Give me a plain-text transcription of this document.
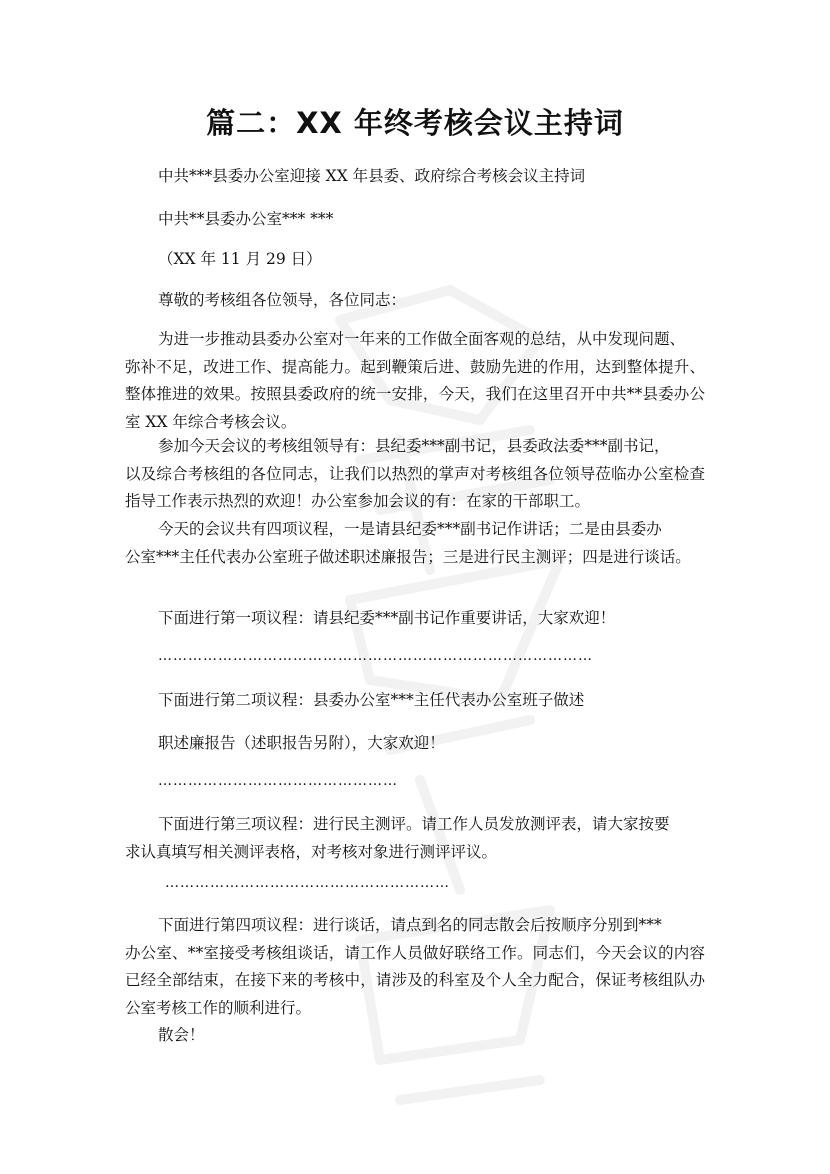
篇二：XX 年终考核会议主持词

中共***县委办公室迎接 XX 年县委、政府综合考核会议主持词

中共**县委办公室*** ***

（XX 年 11 月 29 日）

尊敬的考核组各位领导，各位同志：

为进一步推动县委办公室对一年来的工作做全面客观的总结，从中发现问题、
弥补不足，改进工作、提高能力。起到鞭策后进、鼓励先进的作用，达到整体提升、整体推进的效果。按照县委政府的统一安排，今天，我们在这里召开中共**县委办公室 XX 年综合考核会议。
参加今天会议的考核组领导有：县纪委***副书记，县委政法委***副书记，
以及综合考核组的各位同志，让我们以热烈的掌声对考核组各位领导莅临办公室检查指导工作表示热烈的欢迎！办公室参加会议的有：在家的干部职工。
今天的会议共有四项议程，一是请县纪委***副书记作讲话；二是由县委办
公室***主任代表办公室班子做述职述廉报告；三是进行民主测评；四是进行谈话。

下面进行第一项议程：请县纪委***副书记作重要讲话，大家欢迎！

……………………………………………………………………………

下面进行第二项议程：县委办公室***主任代表办公室班子做述

职述廉报告（述职报告另附），大家欢迎！

…………………………………………

下面进行第三项议程：进行民主测评。请工作人员发放测评表，请大家按要
求认真填写相关测评表格，对考核对象进行测评评议。

…………………………………………………

下面进行第四项议程：进行谈话，请点到名的同志散会后按顺序分别到***
办公室、**室接受考核组谈话，请工作人员做好联络工作。同志们，今天会议的内容已经全部结束，在接下来的考核中，请涉及的科室及个人全力配合，保证考核组队办公室考核工作的顺利进行。

散会！
